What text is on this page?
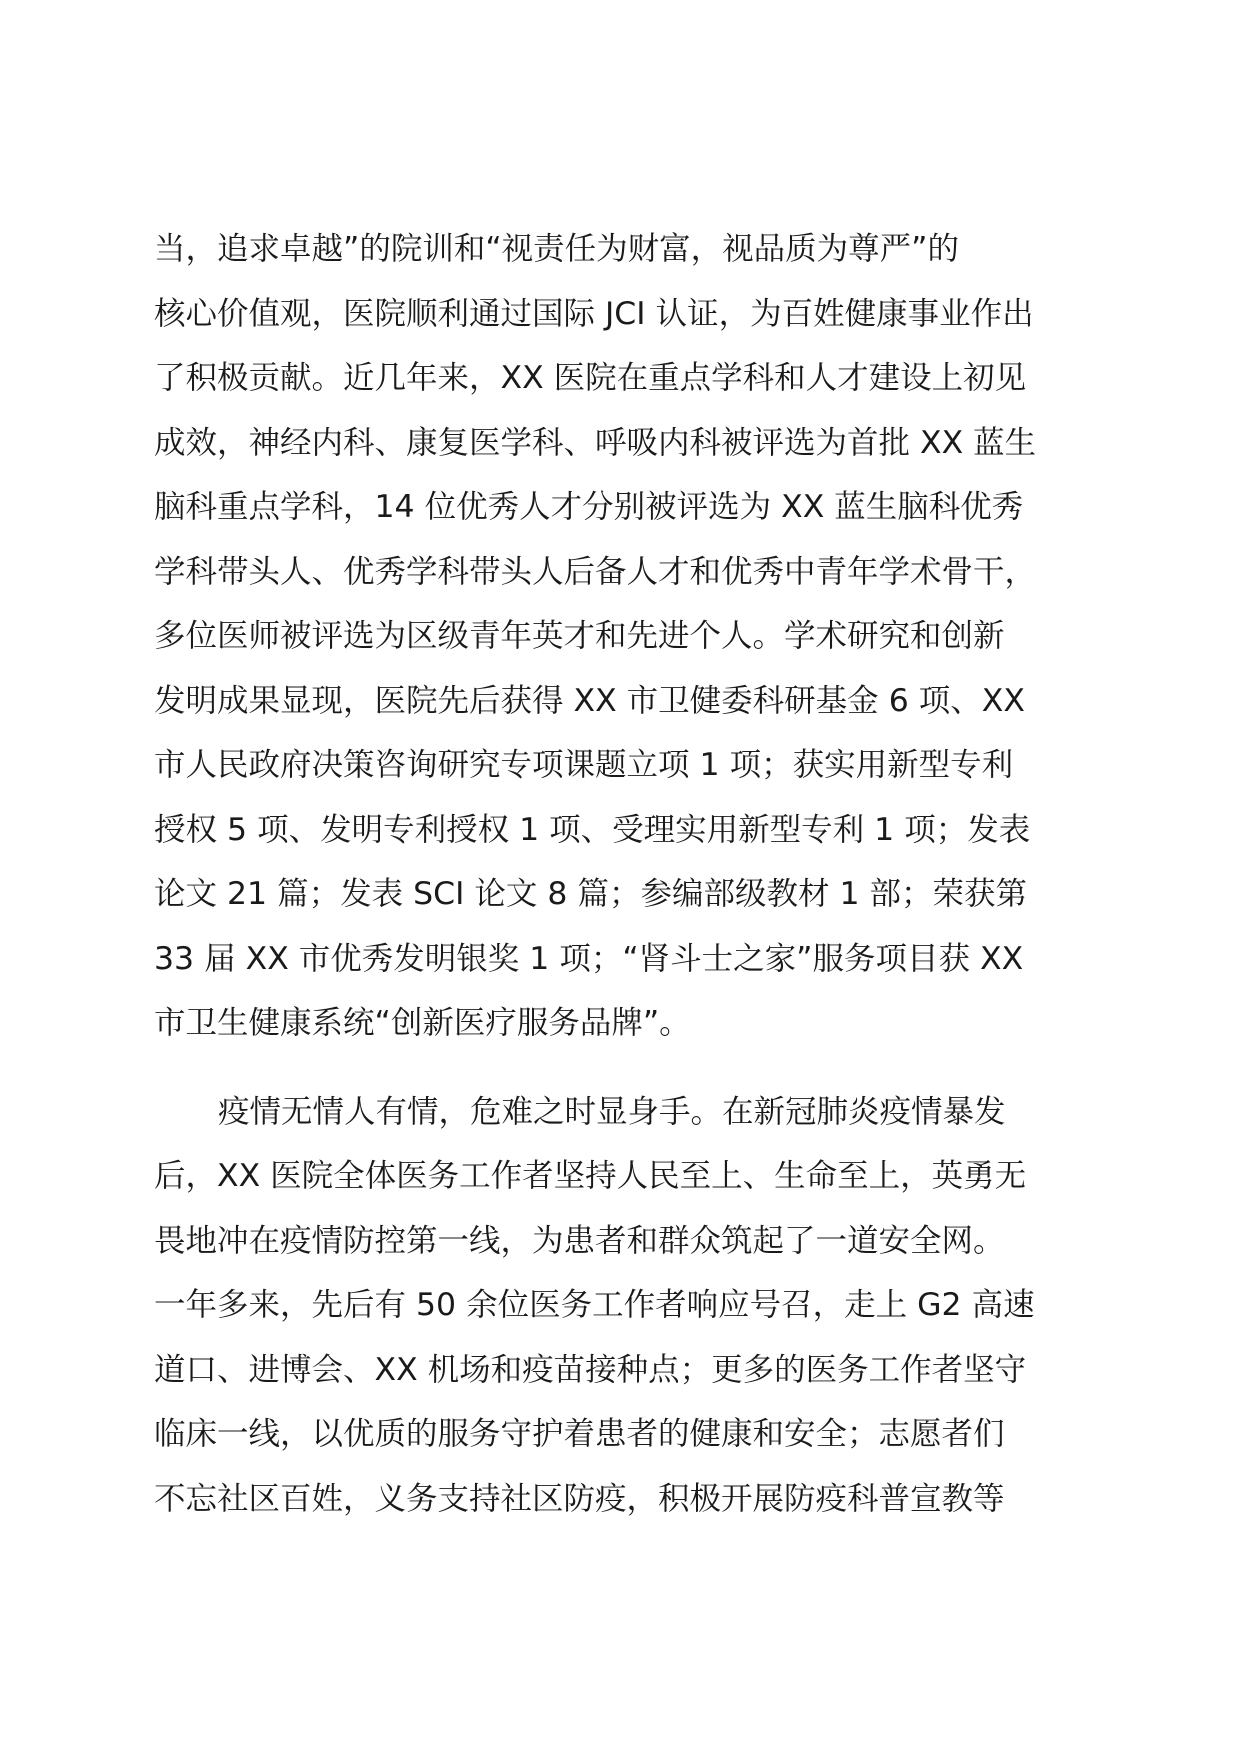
当，追求卓越”的院训和“视责任为财富，视品质为尊严”的
核心价值观，医院顺利通过国际 JCI 认证，为百姓健康事业作出
了积极贡献。近几年来，XX 医院在重点学科和人才建设上初见
成效，神经内科、康复医学科、呼吸内科被评选为首批 XX 蓝生
脑科重点学科，14 位优秀人才分别被评选为 XX 蓝生脑科优秀
学科带头人、优秀学科带头人后备人才和优秀中青年学术骨干，
多位医师被评选为区级青年英才和先进个人。学术研究和创新
发明成果显现，医院先后获得 XX 市卫健委科研基金 6 项、XX
市人民政府决策咨询研究专项课题立项 1 项；获实用新型专利
授权 5 项、发明专利授权 1 项、受理实用新型专利 1 项；发表
论文 21 篇；发表 SCI 论文 8 篇；参编部级教材 1 部；荣获第
33 届 XX 市优秀发明银奖 1 项；“肾斗士之家”服务项目获 XX
市卫生健康系统“创新医疗服务品牌”。
疫情无情人有情，危难之时显身手。在新冠肺炎疫情暴发
后，XX 医院全体医务工作者坚持人民至上、生命至上，英勇无
畏地冲在疫情防控第一线，为患者和群众筑起了一道安全网。
一年多来，先后有 50 余位医务工作者响应号召，走上 G2 高速
道口、进博会、XX 机场和疫苗接种点；更多的医务工作者坚守
临床一线，以优质的服务守护着患者的健康和安全；志愿者们
不忘社区百姓，义务支持社区防疫，积极开展防疫科普宣教等
